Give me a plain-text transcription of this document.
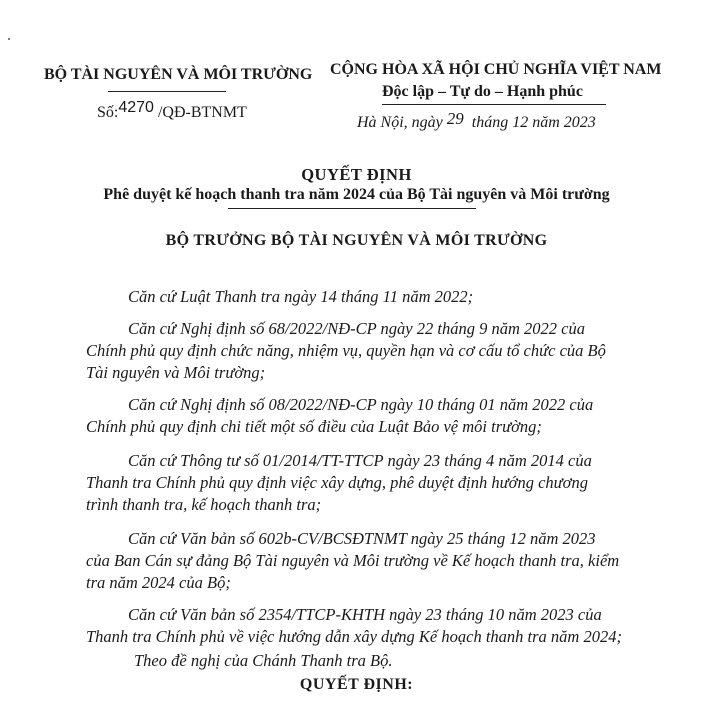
BỘ TÀI NGUYÊN VÀ MÔI TRƯỜNG
Số:4270 /QĐ-BTNMT
CỘNG HÒA XÃ HỘI CHỦ NGHĨA VIỆT NAM
Độc lập – Tự do – Hạnh phúc
Hà Nội, ngày 29 tháng 12 năm 2023
QUYẾT ĐỊNH
Phê duyệt kế hoạch thanh tra năm 2024 của Bộ Tài nguyên và Môi trường
BỘ TRƯỞNG BỘ TÀI NGUYÊN VÀ MÔI TRƯỜNG
Căn cứ Luật Thanh tra ngày 14 tháng 11 năm 2022;
Căn cứ Nghị định số 68/2022/NĐ-CP ngày 22 tháng 9 năm 2022 của
Chính phủ quy định chức năng, nhiệm vụ, quyền hạn và cơ cấu tổ chức của Bộ
Tài nguyên và Môi trường;
Căn cứ Nghị định số 08/2022/NĐ-CP ngày 10 tháng 01 năm 2022 của
Chính phủ quy định chi tiết một số điều của Luật Bảo vệ môi trường;
Căn cứ Thông tư số 01/2014/TT-TTCP ngày 23 tháng 4 năm 2014 của
Thanh tra Chính phủ quy định việc xây dựng, phê duyệt định hướng chương
trình thanh tra, kế hoạch thanh tra;
Căn cứ Văn bản số 602b-CV/BCSĐTNMT ngày 25 tháng 12 năm 2023
của Ban Cán sự đảng Bộ Tài nguyên và Môi trường về Kế hoạch thanh tra, kiểm
tra năm 2024 của Bộ;
Căn cứ Văn bản số 2354/TTCP-KHTH ngày 23 tháng 10 năm 2023 của
Thanh tra Chính phủ về việc hướng dẫn xây dựng Kế hoạch thanh tra năm 2024;
Theo đề nghị của Chánh Thanh tra Bộ.
QUYẾT ĐỊNH:
